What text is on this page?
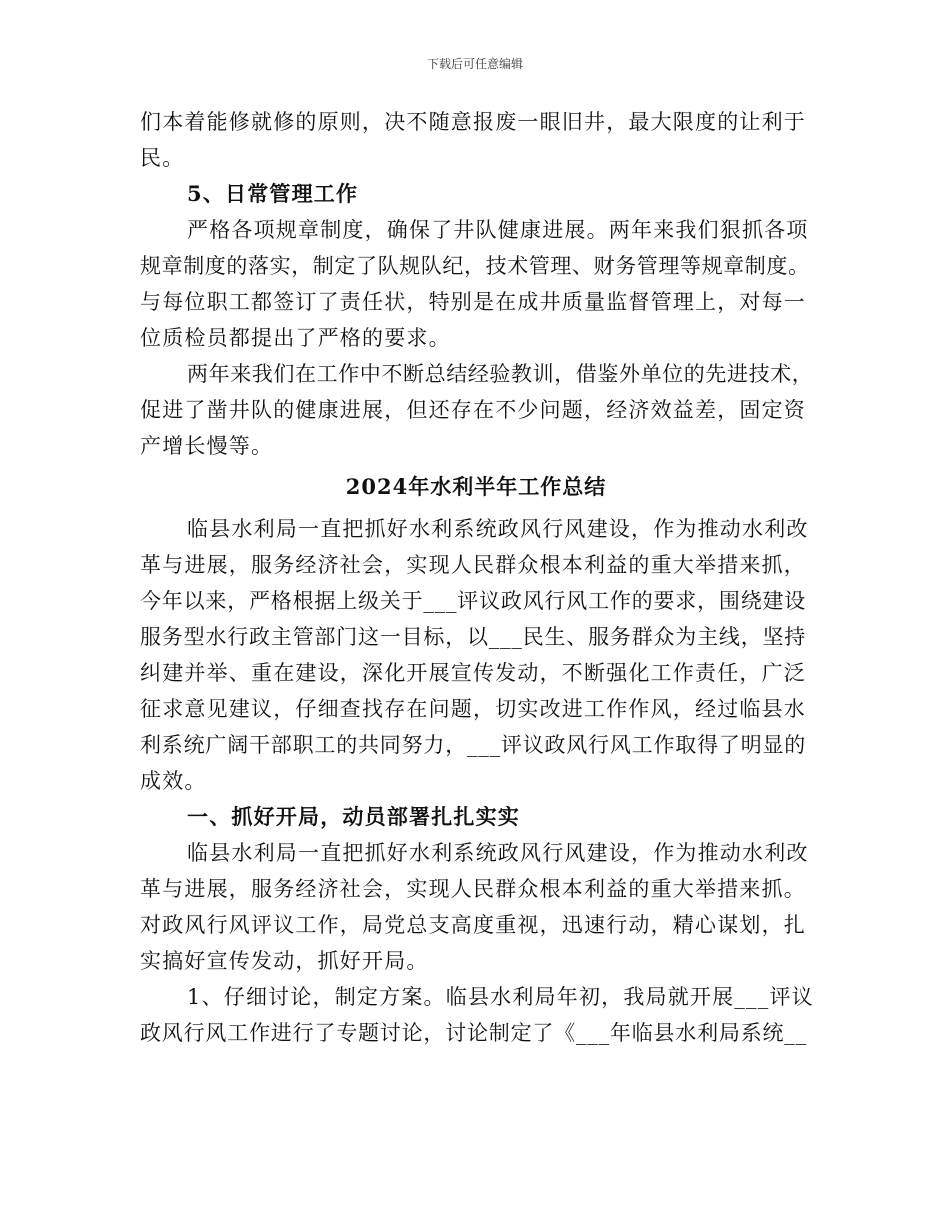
下载后可任意编辑
们本着能修就修的原则，决不随意报废一眼旧井，最大限度的让利于
民。
5、日常管理工作
严格各项规章制度，确保了井队健康进展。两年来我们狠抓各项
规章制度的落实，制定了队规队纪，技术管理、财务管理等规章制度。
与每位职工都签订了责任状，特别是在成井质量监督管理上，对每一
位质检员都提出了严格的要求。
两年来我们在工作中不断总结经验教训，借鉴外单位的先进技术，
促进了凿井队的健康进展，但还存在不少问题，经济效益差，固定资
产增长慢等。
2024年水利半年工作总结
临县水利局一直把抓好水利系统政风行风建设，作为推动水利改
革与进展，服务经济社会，实现人民群众根本利益的重大举措来抓，
今年以来，严格根据上级关于___评议政风行风工作的要求，围绕建设
服务型水行政主管部门这一目标，以___民生、服务群众为主线，坚持
纠建并举、重在建设，深化开展宣传发动，不断强化工作责任，广泛
征求意见建议，仔细查找存在问题，切实改进工作作风，经过临县水
利系统广阔干部职工的共同努力，___评议政风行风工作取得了明显的
成效。
一、抓好开局，动员部署扎扎实实
临县水利局一直把抓好水利系统政风行风建设，作为推动水利改
革与进展，服务经济社会，实现人民群众根本利益的重大举措来抓。
对政风行风评议工作，局党总支高度重视，迅速行动，精心谋划，扎
实搞好宣传发动，抓好开局。
1、仔细讨论，制定方案。临县水利局年初，我局就开展___评议
政风行风工作进行了专题讨论，讨论制定了《___年临县水利局系统__
